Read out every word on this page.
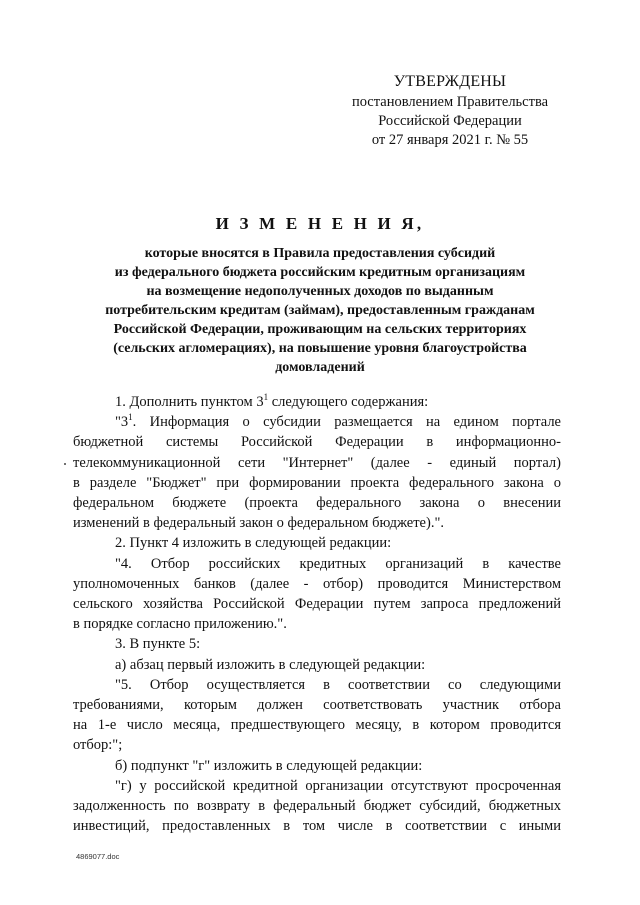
УТВЕРЖДЕНЫ
постановлением Правительства
Российской Федерации
от 27 января 2021 г. № 55
И З М Е Н Е Н И Я,
которые вносятся в Правила предоставления субсидий
из федерального бюджета российским кредитным организациям
на возмещение недополученных доходов по выданным
потребительским кредитам (займам), предоставленным гражданам
Российской Федерации, проживающим на сельских территориях
(сельских агломерациях), на повышение уровня благоустройства
домовладений

1. Дополнить пунктом $3^1$ следующего содержания:

"$3^1$. Информация о субсидии размещается на едином портале
бюджетной системы Российской Федерации в информационно-
телекоммуникационной сети "Интернет" (далее - единый портал)
в разделе "Бюджет" при формировании проекта федерального закона о
федеральном бюджете (проекта федерального закона о внесении
изменений в федеральный закон о федеральном бюджете).".

2. Пункт 4 изложить в следующей редакции:

"4. Отбор российских кредитных организаций в качестве
уполномоченных банков (далее - отбор) проводится Министерством
сельского хозяйства Российской Федерации путем запроса предложений
в порядке согласно приложению.".

3. В пункте 5:

а) абзац первый изложить в следующей редакции:

"5. Отбор осуществляется в соответствии со следующими
требованиями, которым должен соответствовать участник отбора
на 1-е число месяца, предшествующего месяцу, в котором проводится
отбор:";

б) подпункт "г" изложить в следующей редакции:

"г) у российской кредитной организации отсутствуют просроченная
задолженность по возврату в федеральный бюджет субсидий, бюджетных
инвестиций, предоставленных в том числе в соответствии с иными

4869077.doc
